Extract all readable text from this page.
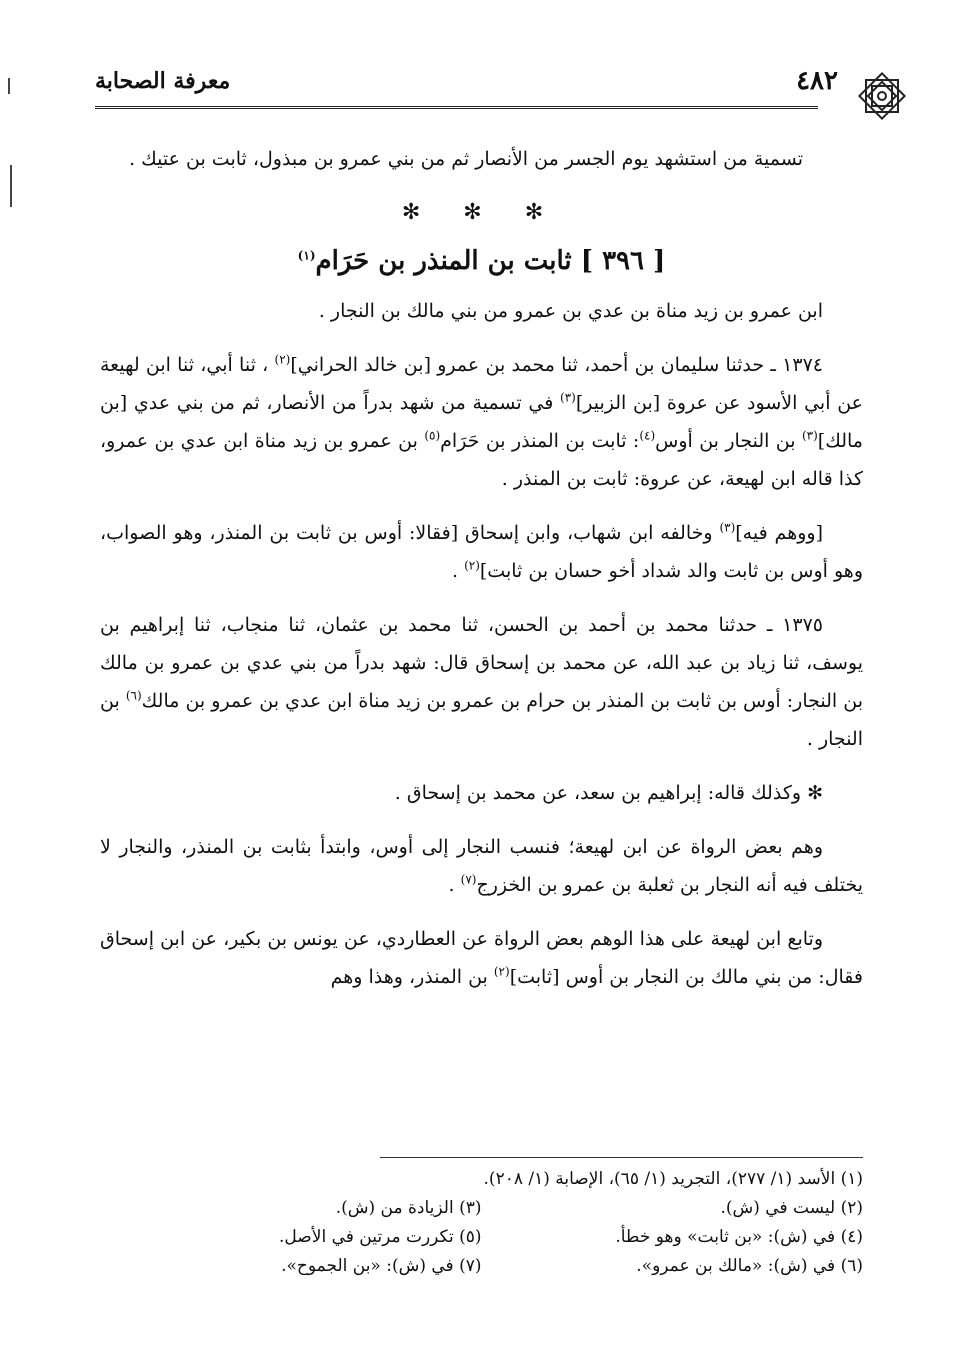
٤٨٢
معرفة الصحابة

تسمية من استشهد يوم الجسر من الأنصار ثم من بني عمرو بن مبذول، ثابت بن عتيك .

✻ ✻ ✻
[ ٣٩٦ ] ثابت بن المنذر بن حَرَام$^{(١)}$

ابن عمرو بن زيد مناة بن عدي بن عمرو من بني مالك بن النجار .

١٣٧٤ ـ حدثنا سليمان بن أحمد، ثنا محمد بن عمرو [بن خالد الحراني]$^{(٢)}$ ، ثنا أبي، ثنا ابن لهيعة عن أبي الأسود عن عروة [بن الزبير]$^{(٣)}$ في تسمية من شهد بدراً من الأنصار، ثم من بني عدي [بن مالك]$^{(٣)}$ بن النجار بن أوس$^{(٤)}$: ثابت بن المنذر بن حَرَام$^{(٥)}$ بن عمرو بن زيد مناة ابن عدي بن عمرو، كذا قاله ابن لهيعة، عن عروة: ثابت بن المنذر .

[ووهم فيه]$^{(٣)}$ وخالفه ابن شهاب، وابن إسحاق [فقالا: أوس بن ثابت بن المنذر، وهو الصواب، وهو أوس بن ثابت والد شداد أخو حسان بن ثابت]$^{(٢)}$ .

١٣٧٥ ـ حدثنا محمد بن أحمد بن الحسن، ثنا محمد بن عثمان، ثنا منجاب، ثنا إبراهيم بن يوسف، ثنا زياد بن عبد الله، عن محمد بن إسحاق قال: شهد بدراً من بني عدي بن عمرو بن مالك بن النجار: أوس بن ثابت بن المنذر بن حرام بن عمرو بن زيد مناة ابن عدي بن عمرو بن مالك$^{(٦)}$ بن النجار .

✻ وكذلك قاله: إبراهيم بن سعد، عن محمد بن إسحاق .

وهم بعض الرواة عن ابن لهيعة؛ فنسب النجار إلى أوس، وابتدأ بثابت بن المنذر، والنجار لا يختلف فيه أنه النجار بن ثعلبة بن عمرو بن الخزرج$^{(٧)}$ .

وتابع ابن لهيعة على هذا الوهم بعض الرواة عن العطاردي، عن يونس بن بكير، عن ابن إسحاق فقال: من بني مالك بن النجار بن أوس [ثابت]$^{(٢)}$ بن المنذر، وهذا وهم

(١) الأسد (١/ ٢٧٧)، التجريد (١/ ٦٥)، الإصابة (١/ ٢٠٨).
(٢) ليست في (ش).
(٣) الزيادة من (ش).
(٤) في (ش): «بن ثابت» وهو خطأ.
(٥) تكررت مرتين في الأصل.
(٦) في (ش): «مالك بن عمرو».
(٧) في (ش): «بن الجموح».
